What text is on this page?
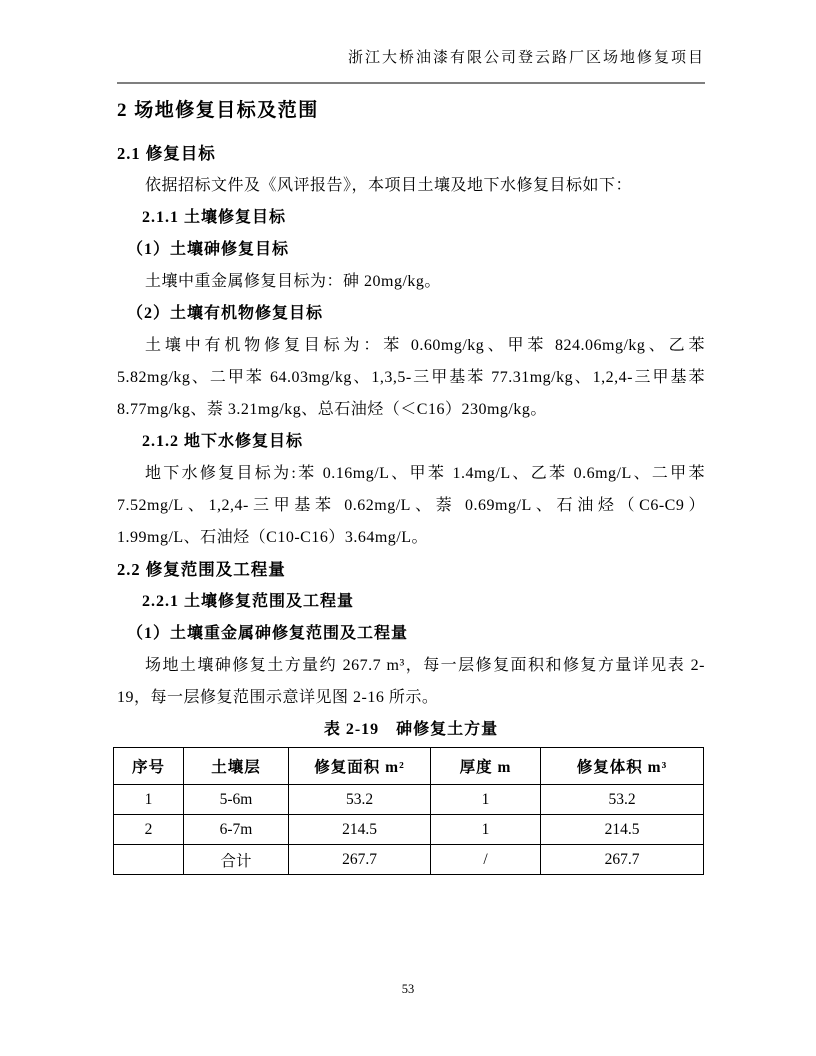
浙江大桥油漆有限公司登云路厂区场地修复项目
2 场地修复目标及范围
2.1 修复目标

依据招标文件及《风评报告》，本项目土壤及地下水修复目标如下：

2.1.1 土壤修复目标
（1）土壤砷修复目标

土壤中重金属修复目标为：砷 20mg/kg。

（2）土壤有机物修复目标

土壤中有机物修复目标为：苯 0.60mg/kg、甲苯 824.06mg/kg、乙苯 5.82mg/kg、二甲苯 64.03mg/kg、1,3,5-三甲基苯 77.31mg/kg、1,2,4-三甲基苯 8.77mg/kg、萘 3.21mg/kg、总石油烃（＜C16）230mg/kg。

2.1.2 地下水修复目标

地下水修复目标为:苯 0.16mg/L、甲苯 1.4mg/L、乙苯 0.6mg/L、二甲苯 7.52mg/L、1,2,4-三甲基苯 0.62mg/L、萘 0.69mg/L、石油烃（C6-C9）1.99mg/L、石油烃（C10-C16）3.64mg/L。

2.2 修复范围及工程量
2.2.1 土壤修复范围及工程量
（1）土壤重金属砷修复范围及工程量

场地土壤砷修复土方量约 267.7 m³，每一层修复面积和修复方量详见表 2-19，每一层修复范围示意详见图 2-16 所示。

表 2-19　砷修复土方量
序号	土壤层	修复面积 m²	厚度 m	修复体积 m³
1	5-6m	53.2	1	53.2
2	6-7m	214.5	1	214.5
	合计	267.7	/	267.7
53
